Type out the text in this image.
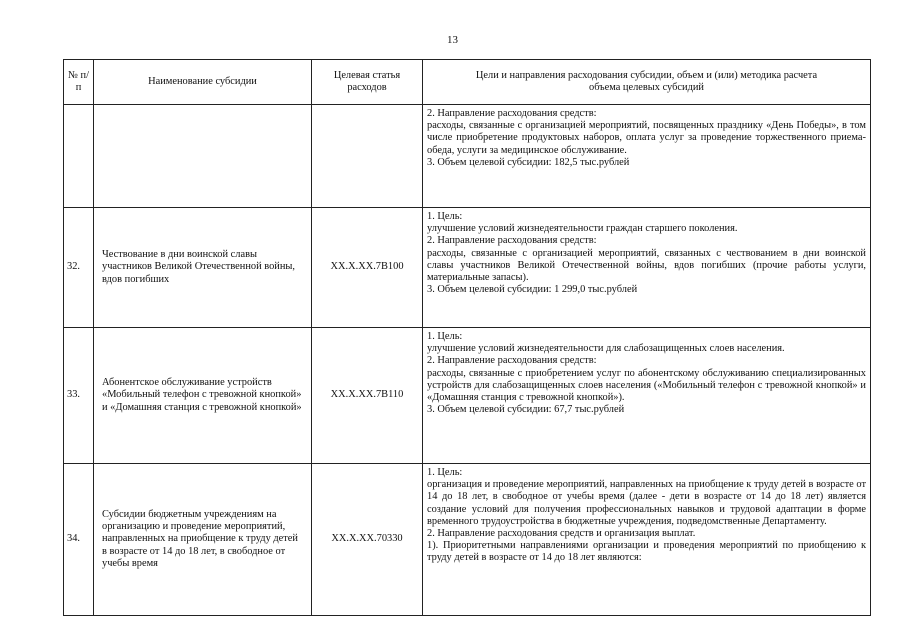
13
№ п/п	Наименование субсидии	Целевая статья расходов	Цели и направления расходования субсидии, объем и (или) методика расчета объема целевых субсидий

			2. Направление расходования средств:

расходы, связанные с организацией мероприятий, посвященных празднику «День Победы», в том числе приобретение продуктовых наборов, оплата услуг за проведение торжественного приема-обеда, услуги за медицинское обслуживание.

3. Объем целевой субсидии: 182,5 тыс.рублей

32.	Чествование в дни воинской славы участников Великой Отечественной войны, вдов погибших	XX.X.XX.7B100	1. Цель:

улучшение условий жизнедеятельности граждан старшего поколения.

2. Направление расходования средств:

расходы, связанные с организацией мероприятий, связанных с чествованием в дни воинской славы участников Великой Отечественной войны, вдов погибших (прочие работы услуги, материальные запасы).

3. Объем целевой субсидии: 1 299,0 тыс.рублей

33.	Абонентское обслуживание устройств «Мобильный телефон с тревожной кнопкой» и «Домашняя станция с тревожной кнопкой»	XX.X.XX.7B110	1. Цель:

улучшение условий жизнедеятельности для слабозащищенных слоев населения.

2. Направление расходования средств:

расходы, связанные с приобретением услуг по абонентскому обслуживанию специализированных устройств для слабозащищенных слоев населения («Мобильный телефон с тревожной кнопкой» и «Домашняя станция с тревожной кнопкой»).

3. Объем целевой субсидии: 67,7 тыс.рублей

34.	Субсидии бюджетным учреждениям на организацию и проведение мероприятий, направленных на приобщение к труду детей в возрасте от 14 до 18 лет, в свободное от учебы время	XX.X.XX.70330	1. Цель:

организация и проведение мероприятий, направленных на приобщение к труду детей в возрасте от 14 до 18 лет, в свободное от учебы время (далее - дети в возрасте от 14 до 18 лет) является создание условий для получения профессиональных навыков и трудовой адаптации в форме временного трудоустройства в бюджетные учреждения, подведомственные Департаменту.

2. Направление расходования средств и организация выплат.

1). Приоритетными направлениями организации и проведения мероприятий по приобщению к труду детей в возрасте от 14 до 18 лет являются:
